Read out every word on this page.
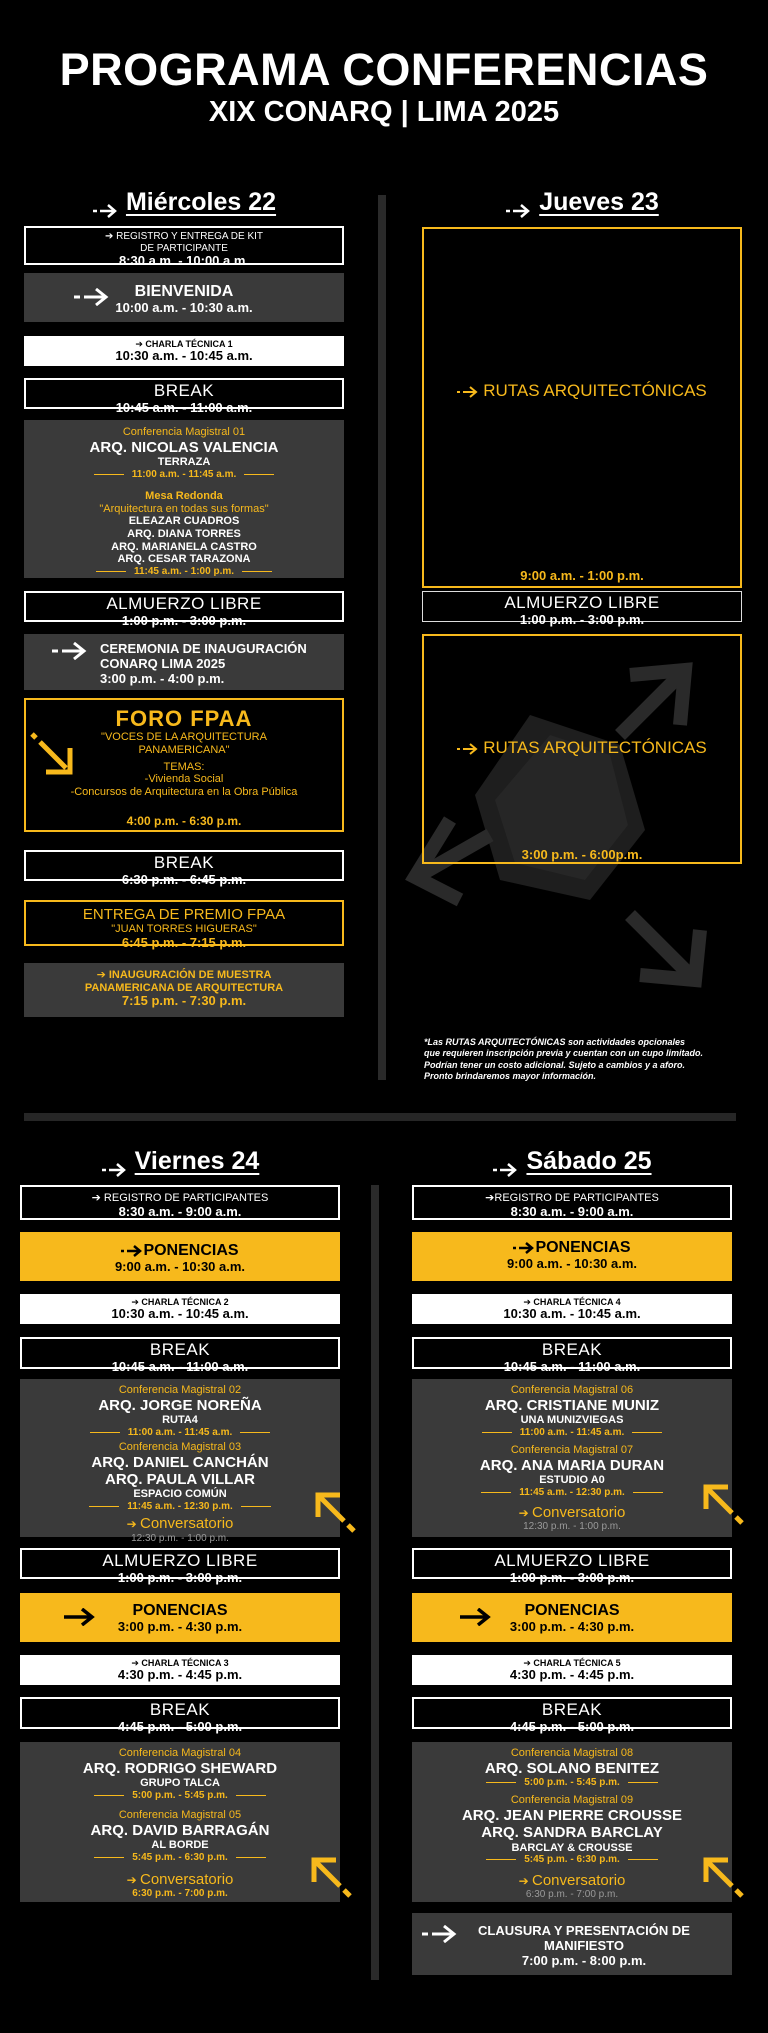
PROGRAMA CONFERENCIAS
XIX CONARQ | LIMA 2025
Miércoles 22
➔ REGISTRO Y ENTREGA DE KIT
DE PARTICIPANTE
8:30 a.m. - 10:00 a.m.
BIENVENIDA
10:00 a.m. - 10:30 a.m.
➔ CHARLA TÉCNICA 1
10:30 a.m. - 10:45 a.m.
BREAK
10:45 a.m. - 11:00 a.m.
Conferencia Magistral 01
ARQ. NICOLAS VALENCIA
TERRAZA
11:00 a.m. - 11:45 a.m.
Mesa Redonda
"Arquitectura en todas sus formas"
ELEAZAR CUADROS
ARQ. DIANA TORRES
ARQ. MARIANELA CASTRO
ARQ. CESAR TARAZONA
11:45 a.m. - 1:00 p.m.
ALMUERZO LIBRE
1:00 p.m. - 3:00 p.m.
CEREMONIA DE INAUGURACIÓN
CONARQ LIMA 2025
3:00 p.m. - 4:00 p.m.
FORO FPAA
"VOCES DE LA ARQUITECTURA
PANAMERICANA"
TEMAS:
-Vivienda Social
-Concursos de Arquitectura en la Obra Pública
4:00 p.m. - 6:30 p.m.
BREAK
6:30 p.m. - 6:45 p.m.
ENTREGA DE PREMIO FPAA
"JUAN TORRES HIGUERAS"
6:45 p.m. - 7:15 p.m.
➔ INAUGURACIÓN DE MUESTRA
PANAMERICANA DE ARQUITECTURA
7:15 p.m. - 7:30 p.m.
Jueves 23
RUTAS ARQUITECTÓNICAS
9:00 a.m. - 1:00 p.m.
ALMUERZO LIBRE
1:00 p.m. - 3:00 p.m.
RUTAS ARQUITECTÓNICAS
3:00 p.m. - 6:00p.m.
*Las RUTAS ARQUITECTÓNICAS son actividades opcionales
que requieren inscripción previa y cuentan con un cupo limitado.
Podrían tener un costo adicional. Sujeto a cambios y a aforo.
Pronto brindaremos mayor información.
Viernes 24
➔ REGISTRO DE PARTICIPANTES
8:30 a.m. - 9:00 a.m.
PONENCIAS
9:00 a.m. - 10:30 a.m.
➔ CHARLA TÉCNICA 2
10:30 a.m. - 10:45 a.m.
BREAK
10:45 a.m. - 11:00 a.m.
Conferencia Magistral 02
ARQ. JORGE NOREÑA
RUTA4
11:00 a.m. - 11:45 a.m.
Conferencia Magistral 03
ARQ. DANIEL CANCHÁN
ARQ. PAULA VILLAR
ESPACIO COMÚN
11:45 a.m. - 12:30 p.m.
➔ Conversatorio
12:30 p.m. - 1:00 p.m.
ALMUERZO LIBRE
1:00 p.m. - 3:00 p.m.
PONENCIAS
3:00 p.m. - 4:30 p.m.
➔ CHARLA TÉCNICA 3
4:30 p.m. - 4:45 p.m.
BREAK
4:45 p.m. - 5:00 p.m.
Conferencia Magistral 04
ARQ. RODRIGO SHEWARD
GRUPO TALCA
5:00 p.m. - 5:45 p.m.
Conferencia Magistral 05
ARQ. DAVID BARRAGÁN
AL BORDE
5:45 p.m. - 6:30 p.m.
➔ Conversatorio
6:30 p.m. - 7:00 p.m.
Sábado 25
➔REGISTRO DE PARTICIPANTES
8:30 a.m. - 9:00 a.m.
PONENCIAS
9:00 a.m. - 10:30 a.m.
➔ CHARLA TÉCNICA 4
10:30 a.m. - 10:45 a.m.
BREAK
10:45 a.m. - 11:00 a.m.
Conferencia Magistral 06
ARQ. CRISTIANE MUNIZ
UNA MUNIZVIEGAS
11:00 a.m. - 11:45 a.m.
Conferencia Magistral 07
ARQ. ANA MARIA DURAN
ESTUDIO A0
11:45 a.m. - 12:30 p.m.
➔ Conversatorio
12:30 p.m. - 1:00 p.m.
ALMUERZO LIBRE
1:00 p.m. - 3:00 p.m.
PONENCIAS
3:00 p.m. - 4:30 p.m.
➔ CHARLA TÉCNICA 5
4:30 p.m. - 4:45 p.m.
BREAK
4:45 p.m. - 5:00 p.m.
Conferencia Magistral 08
ARQ. SOLANO BENITEZ
5:00 p.m. - 5:45 p.m.
Conferencia Magistral 09
ARQ. JEAN PIERRE CROUSSE
ARQ. SANDRA BARCLAY
BARCLAY & CROUSSE
5:45 p.m. - 6:30 p.m.
➔ Conversatorio
6:30 p.m. - 7:00 p.m.
CLAUSURA Y PRESENTACIÓN DE
MANIFIESTO
7:00 p.m. - 8:00 p.m.
